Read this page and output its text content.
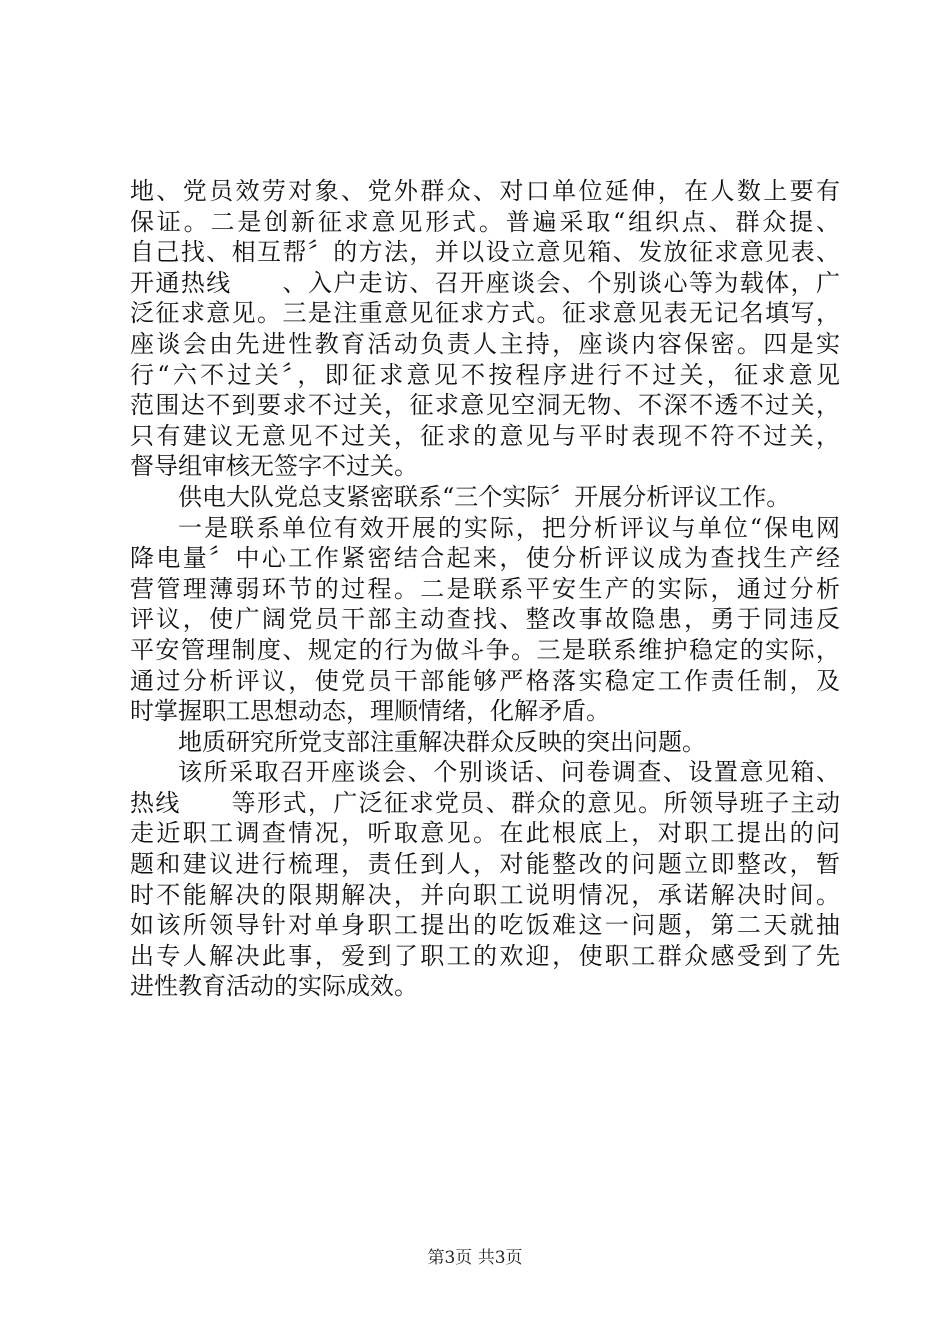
地、党员效劳对象、党外群众、对口单位延伸，在人数上要有
保证。二是创新征求意见形式。普遍采取“组织点、群众提、
自己找、相互帮〞的方法，并以设立意见箱、发放征求意见表、
开通热线　　、入户走访、召开座谈会、个别谈心等为载体，广
泛征求意见。三是注重意见征求方式。征求意见表无记名填写，
座谈会由先进性教育活动负责人主持，座谈内容保密。四是实
行“六不过关〞，即征求意见不按程序进行不过关，征求意见
范围达不到要求不过关，征求意见空洞无物、不深不透不过关，
只有建议无意见不过关，征求的意见与平时表现不符不过关，
督导组审核无签字不过关。
供电大队党总支紧密联系“三个实际〞开展分析评议工作。
一是联系单位有效开展的实际，把分析评议与单位“保电网
降电量〞中心工作紧密结合起来，使分析评议成为查找生产经
营管理薄弱环节的过程。二是联系平安生产的实际，通过分析
评议，使广阔党员干部主动查找、整改事故隐患，勇于同违反
平安管理制度、规定的行为做斗争。三是联系维护稳定的实际，
通过分析评议，使党员干部能够严格落实稳定工作责任制，及
时掌握职工思想动态，理顺情绪，化解矛盾。
地质研究所党支部注重解决群众反映的突出问题。
该所采取召开座谈会、个别谈话、问卷调查、设置意见箱、
热线　　等形式，广泛征求党员、群众的意见。所领导班子主动
走近职工调查情况，听取意见。在此根底上，对职工提出的问
题和建议进行梳理，责任到人，对能整改的问题立即整改，暂
时不能解决的限期解决，并向职工说明情况，承诺解决时间。
如该所领导针对单身职工提出的吃饭难这一问题，第二天就抽
出专人解决此事，爱到了职工的欢迎，使职工群众感受到了先
进性教育活动的实际成效。
第3页 共3页
